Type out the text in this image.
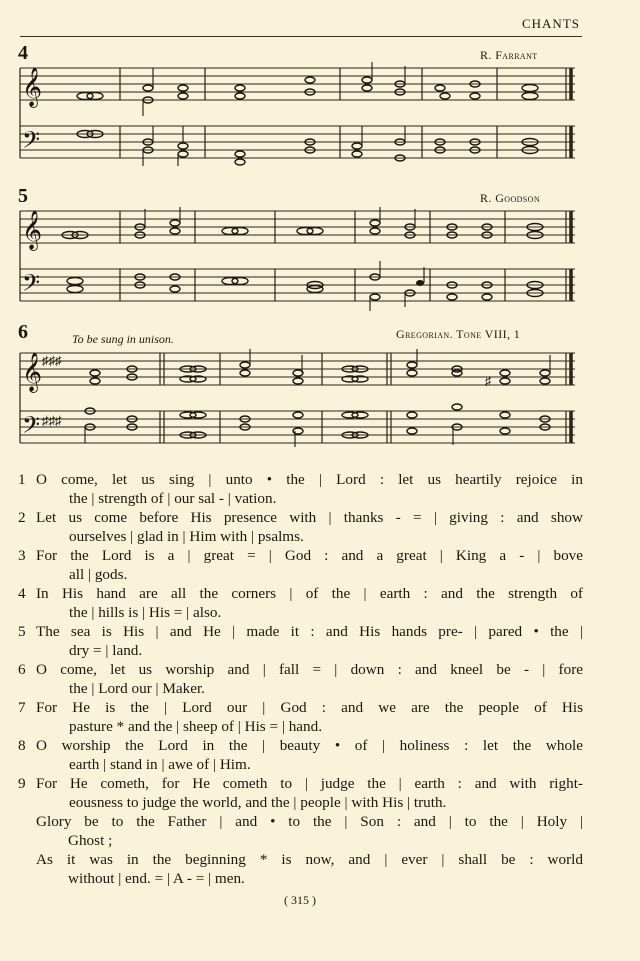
CHANTS
4	R. Farrant
𝄞
𝄢
5	R. Goodson
𝄞
𝄢
6	To be sung in unison.	Gregorian. Tone VIII, 1
𝄞
𝄢
♯♯♯
♯♯♯
♯
1 O come, let us sing | unto • the | Lord : let us heartily rejoice in
the | strength of | our sal - | vation.
2 Let us come before His presence with | thanks - = | giving : and show
ourselves | glad in | Him with | psalms.
3 For the Lord is a | great = | God : and a great | King a - | bove
all | gods.
4 In His hand are all the corners | of the | earth : and the strength of
the | hills is | His = | also.
5 The sea is His | and He | made it : and His hands pre- | pared • the |
dry = | land.
6 O come, let us worship and | fall = | down : and kneel be - | fore
the | Lord our | Maker.
7 For He is the | Lord our | God : and we are the people of His
pasture * and the | sheep of | His = | hand.
8 O worship the Lord in the | beauty • of | holiness : let the whole
earth | stand in | awe of | Him.
9 For He cometh, for He cometh to | judge the | earth : and with right-
eousness to judge the world, and the | people | with His | truth.
Glory be to the Father | and • to the | Son : and | to the | Holy |
Ghost ;
As it was in the beginning * is now, and | ever | shall be : world
without | end. = | A - = | men.
( 315 )
